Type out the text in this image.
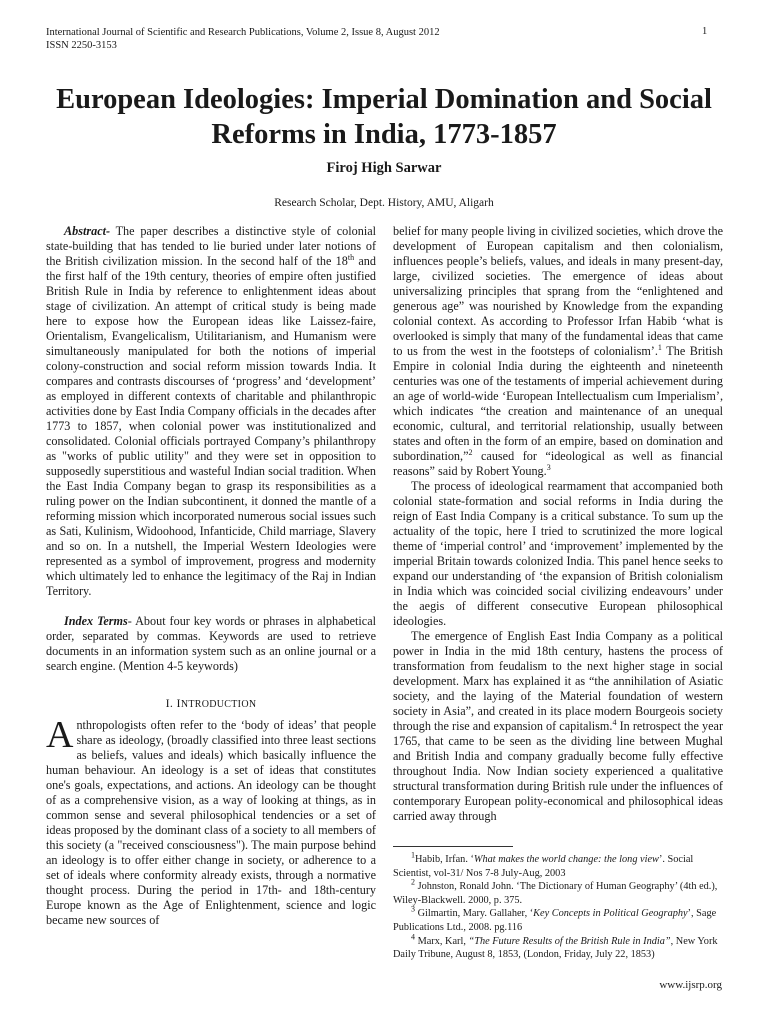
International Journal of Scientific and Research Publications, Volume 2, Issue 8, August 2012
ISSN 2250-3153
1
European Ideologies: Imperial Domination and Social
Reforms in India, 1773-1857
Firoj High Sarwar
Research Scholar, Dept. History, AMU, Aligarh

Abstract- The paper describes a distinctive style of colonial state-building that has tended to lie buried under later notions of the British civilization mission. In the second half of the 18th and the first half of the 19th century, theories of empire often justified British Rule in India by reference to enlightenment ideas about stage of civilization. An attempt of critical study is being made here to expose how the European ideas like Laissez-faire, Orientalism, Evangelicalism, Utilitarianism, and Humanism were simultaneously manipulated for both the notions of imperial colony-construction and social reform mission towards India. It compares and contrasts discourses of ‘progress’ and ‘development’ as employed in different contexts of charitable and philanthropic activities done by East India Company officials in the decades after 1773 to 1857, when colonial power was institutionalized and consolidated. Colonial officials portrayed Company’s philanthropy as "works of public utility" and they were set in opposition to supposedly superstitious and wasteful Indian social tradition. When the East India Company began to grasp its responsibilities as a ruling power on the Indian subcontinent, it donned the mantle of a reforming mission which incorporated numerous social issues such as Sati, Kulinism, Widoohood, Infanticide, Child marriage, Slavery and so on. In a nutshell, the Imperial Western Ideologies were represented as a symbol of improvement, progress and modernity which ultimately led to enhance the legitimacy of the Raj in Indian Territory.

Index Terms- About four key words or phrases in alphabetical order, separated by commas. Keywords are used to retrieve documents in an information system such as an online journal or a search engine. (Mention 4-5 keywords)

I. INTRODUCTION

Anthropologists often refer to the ‘body of ideas’ that people share as ideology, (broadly classified into three least sections as beliefs, values and ideals) which basically influence the human behaviour. An ideology is a set of ideas that constitutes one's goals, expectations, and actions. An ideology can be thought of as a comprehensive vision, as a way of looking at things, as in common sense and several philosophical tendencies or a set of ideas proposed by the dominant class of a society to all members of this society (a "received consciousness"). The main purpose behind an ideology is to offer either change in society, or adherence to a set of ideals where conformity already exists, through a normative thought process. During the period in 17th- and 18th-century Europe known as the Age of Enlightenment, science and logic became new sources of

belief for many people living in civilized societies, which drove the development of European capitalism and then colonialism, influences people’s beliefs, values, and ideals in many present-day, large, civilized societies. The emergence of ideas about universalizing principles that sprang from the “enlightened and generous age” was nourished by Knowledge from the expanding colonial context. As according to Professor Irfan Habib ‘what is overlooked is simply that many of the fundamental ideas that came to us from the west in the footsteps of colonialism’.$^1$ The British Empire in colonial India during the eighteenth and nineteenth centuries was one of the testaments of imperial achievement during an age of world-wide ‘European Intellectualism cum Imperialism’, which indicates “the creation and maintenance of an unequal economic, cultural, and territorial relationship, usually between states and often in the form of an empire, based on domination and subordination,”$^2$ caused for “ideological as well as financial reasons” said by Robert Young.$^3$

The process of ideological rearmament that accompanied both colonial state-formation and social reforms in India during the reign of East India Company is a critical substance. To sum up the actuality of the topic, here I tried to scrutinized the more logical theme of ‘imperial control’ and ‘improvement’ implemented by the imperial Britain towards colonized India. This panel hence seeks to expand our understanding of ‘the expansion of British colonialism in India which was coincided social civilizing endeavours’ under the aegis of different consecutive European philosophical ideologies.

The emergence of English East India Company as a political power in India in the mid 18th century, hastens the process of transformation from feudalism to the next higher stage in social development. Marx has explained it as “the annihilation of Asiatic society, and the laying of the Material foundation of western society in Asia”, and created in its place modern Bourgeois society through the rise and expansion of capitalism.$^4$ In retrospect the year 1765, that came to be seen as the dividing line between Mughal and British India and company gradually become fully effective throughout India. Now Indian society experienced a qualitative structural transformation during British rule under the influences of contemporary European polity-economical and philosophical ideas carried away through

$^1$Habib, Irfan. ‘What makes the world change: the long view’. Social Scientist, vol-31/ Nos 7-8 July-Aug, 2003

$^2$ Johnston, Ronald John. ‘The Dictionary of Human Geography’ (4th ed.), Wiley-Blackwell. 2000, p. 375.

$^3$ Gilmartin, Mary. Gallaher, ‘Key Concepts in Political Geography’, Sage Publications Ltd., 2008. pg.116

$^4$ Marx, Karl, “The Future Results of the British Rule in India”, New York Daily Tribune, August 8, 1853, (London, Friday, July 22, 1853)

www.ijsrp.org
